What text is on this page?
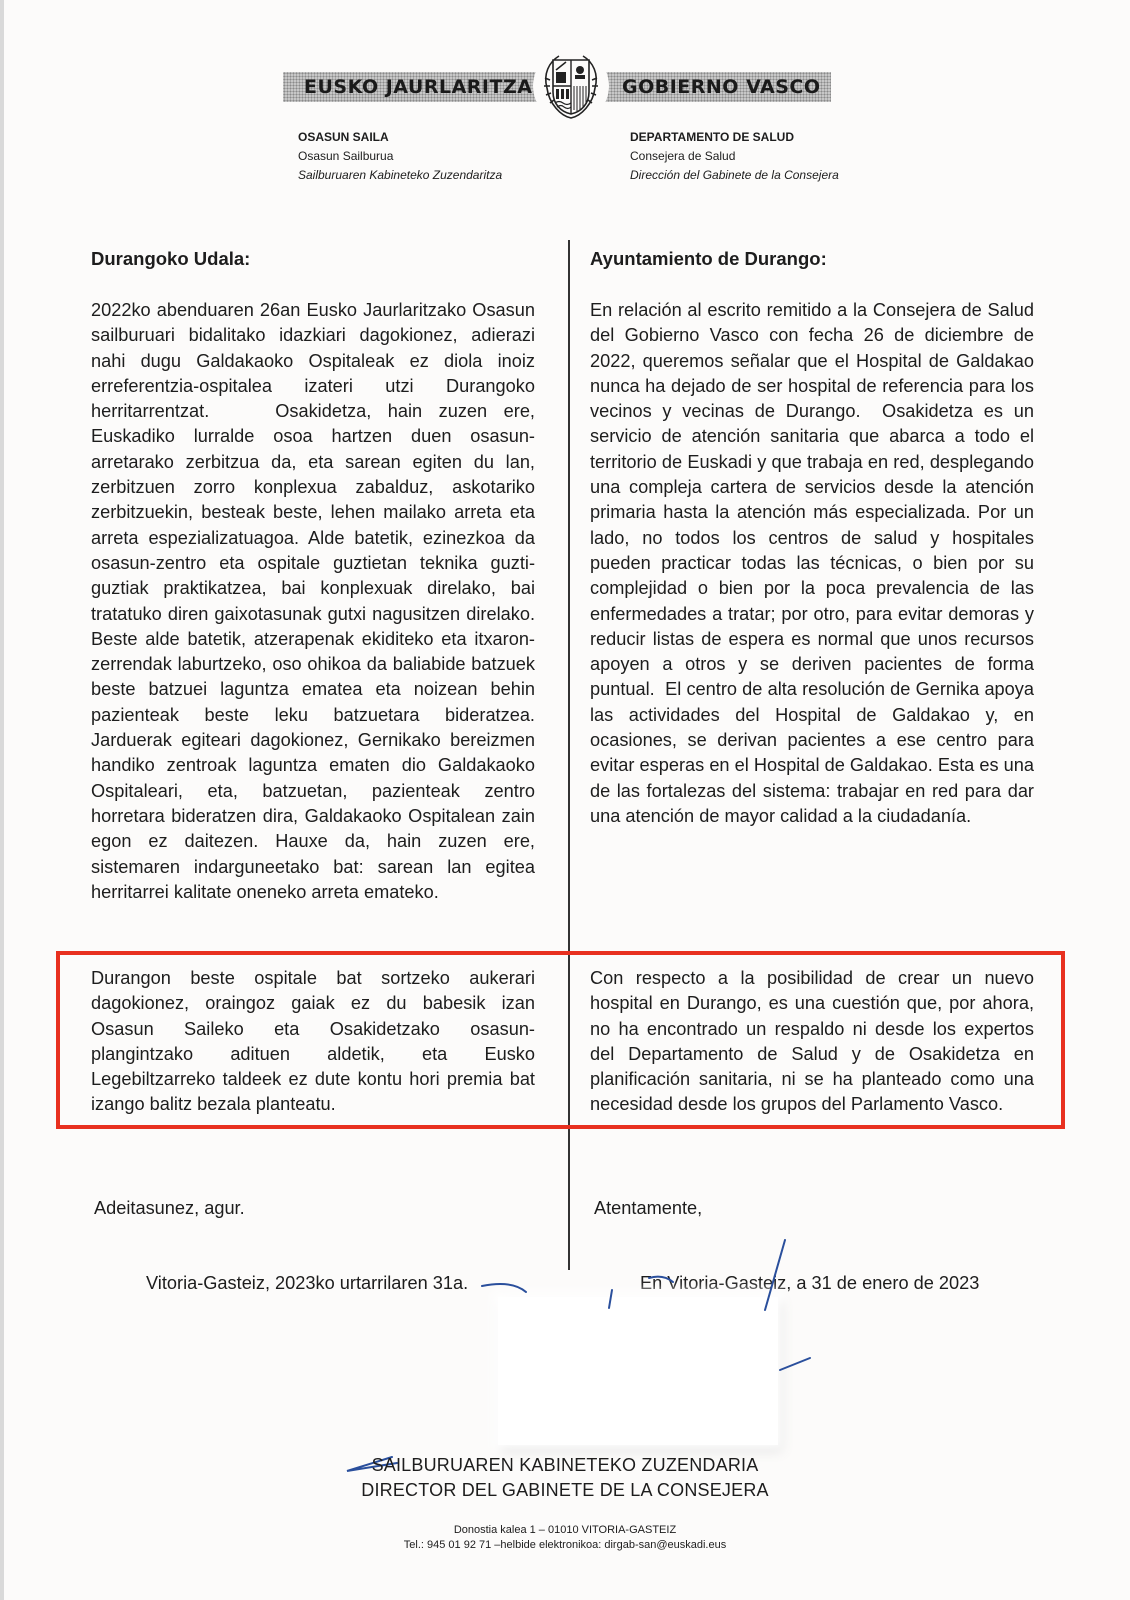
EUSKO JAURLARITZA	GOBIERNO VASCO
OSASUN SAILA
Osasun Sailburua
Sailburuaren Kabineteko Zuzendaritza
DEPARTAMENTO DE SALUD
Consejera de Salud
Dirección del Gabinete de la Consejera
Durangoko Udala:
2022ko abenduaren 26an Eusko Jaurlaritzako Osasun sailburuari bidalitako idazkiari dagokionez, adierazi nahi dugu Galdakaoko Ospitaleak ez diola inoiz erreferentzia-ospitalea izateri utzi Durangoko herritarrentzat.    Osakidetza, hain zuzen ere, Euskadiko lurralde osoa hartzen duen osasun-arretarako zerbitzua da, eta sarean egiten du lan, zerbitzuen zorro konplexua zabalduz, askotariko zerbitzuekin, besteak beste, lehen mailako arreta eta arreta espezializatuagoa. Alde batetik, ezinezkoa da osasun-zentro eta ospitale guztietan teknika guzti-guztiak praktikatzea, bai konplexuak direlako, bai tratatuko diren gaixotasunak gutxi nagusitzen direlako. Beste alde batetik, atzerapenak ekiditeko eta itxaron-zerrendak laburtzeko, oso ohikoa da baliabide batzuek beste batzuei laguntza ematea eta noizean behin pazienteak beste leku batzuetara bideratzea.    Jarduerak egiteari dagokionez, Gernikako bereizmen handiko zentroak laguntza ematen dio Galdakaoko Ospitaleari, eta, batzuetan, pazienteak zentro horretara bideratzen dira, Galdakaoko Ospitalean zain egon ez daitezen. Hauxe da, hain zuzen ere, sistemaren indarguneetako bat: sarean lan egitea herritarrei kalitate oneneko arreta emateko.
Ayuntamiento de Durango:
En relación al escrito remitido a la Consejera de Salud del Gobierno Vasco con fecha 26 de diciembre de 2022, queremos señalar que el Hospital de Galdakao nunca ha dejado de ser hospital de referencia para los vecinos y vecinas de Durango.  Osakidetza es un servicio de atención sanitaria que abarca a todo el territorio de Euskadi y que trabaja en red, desplegando una compleja cartera de servicios desde la atención primaria hasta la atención más especializada. Por un lado, no todos los centros de salud y hospitales pueden practicar todas las técnicas, o bien por su complejidad o bien por la poca prevalencia de las enfermedades a tratar; por otro, para evitar demoras y reducir listas de espera es normal que unos recursos apoyen a otros y se deriven pacientes de forma puntual.  El centro de alta resolución de Gernika apoya las actividades del Hospital de Galdakao y, en ocasiones, se derivan pacientes a ese centro para evitar esperas en el Hospital de Galdakao. Esta es una de las fortalezas del sistema: trabajar en red para dar una atención de mayor calidad a la ciudadanía.
Durangon beste ospitale bat sortzeko aukerari dagokionez, oraingoz gaiak ez du babesik izan Osasun Saileko eta Osakidetzako osasun-plangintzako adituen aldetik, eta Eusko Legebiltzarreko taldeek ez dute kontu hori premia bat izango balitz bezala planteatu.
Con respecto a la posibilidad de crear un nuevo hospital en Durango, es una cuestión que, por ahora, no ha encontrado un respaldo ni desde los expertos del Departamento de Salud y de Osakidetza en planificación sanitaria, ni se ha planteado como una necesidad desde los grupos del Parlamento Vasco.
Adeitasunez, agur.	Atentamente,
Vitoria-Gasteiz, 2023ko urtarrilaren 31a.	En Vitoria-Gasteiz, a 31 de enero de 2023
SAILBURUAREN KABINETEKO ZUZENDARIA
DIRECTOR DEL GABINETE DE LA CONSEJERA
Donostia kalea 1 – 01010 VITORIA-GASTEIZ
Tel.: 945 01 92 71 –helbide elektronikoa: dirgab-san@euskadi.eus
